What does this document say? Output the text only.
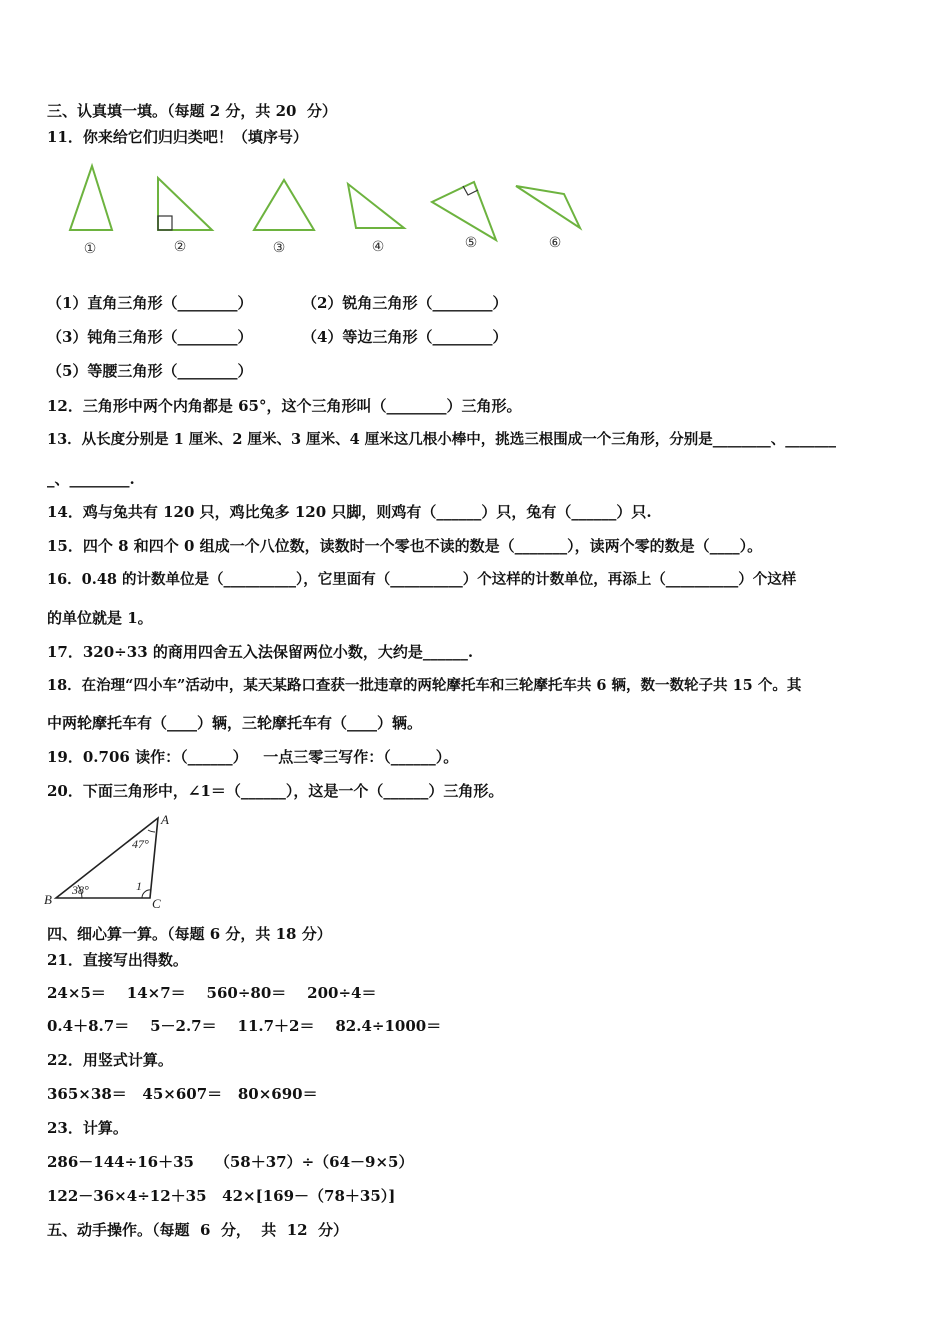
三、认真填一填。（每题 2 分，共 20  分）
11．你来给它们归归类吧！（填序号）
①	②	③	④	⑤	⑥
（1）直角三角形（________）	（2）锐角三角形（________）
（3）钝角三角形（________）	（4）等边三角形（________）
（5）等腰三角形（________）
12．三角形中两个内角都是 65°，这个三角形叫（________）三角形。
13．从长度分别是 1 厘米、2 厘米、3 厘米、4 厘米这几根小棒中，挑选三根围成一个三角形，分别是________、_______
_、________.
14．鸡与兔共有 120 只，鸡比兔多 120 只脚，则鸡有（______）只，兔有（______）只.
15．四个 8 和四个 0 组成一个八位数，读数时一个零也不读的数是（_______），读两个零的数是（____）。
16．0.48 的计数单位是（__________），它里面有（__________）个这样的计数单位，再添上（__________）个这样
的单位就是 1。
17．320÷33 的商用四舍五入法保留两位小数，大约是______.
18．在治理“四小车”活动中，某天某路口查获一批违章的两轮摩托车和三轮摩托车共 6 辆，数一数轮子共 15 个。其
中两轮摩托车有（____）辆，三轮摩托车有（____）辆。
19．0.706 读作：（______）   一点三零三写作：（______）。
20．下面三角形中，∠1＝（______），这是一个（______）三角形。
A
B	C
47°
38°	1
四、细心算一算。（每题 6 分，共 18 分）
21．直接写出得数。
24×5＝    14×7＝    560÷80＝    200÷4＝
0.4＋8.7＝    5－2.7＝    11.7＋2＝    82.4÷1000＝
22．用竖式计算。
365×38＝   45×607＝   80×690＝
23．计算。
286－144÷16＋35    （58＋37）÷（64－9×5）
122－36×4÷12＋35   42×[169－（78＋35）]
五、动手操作。（每题  6  分，  共  12  分）
